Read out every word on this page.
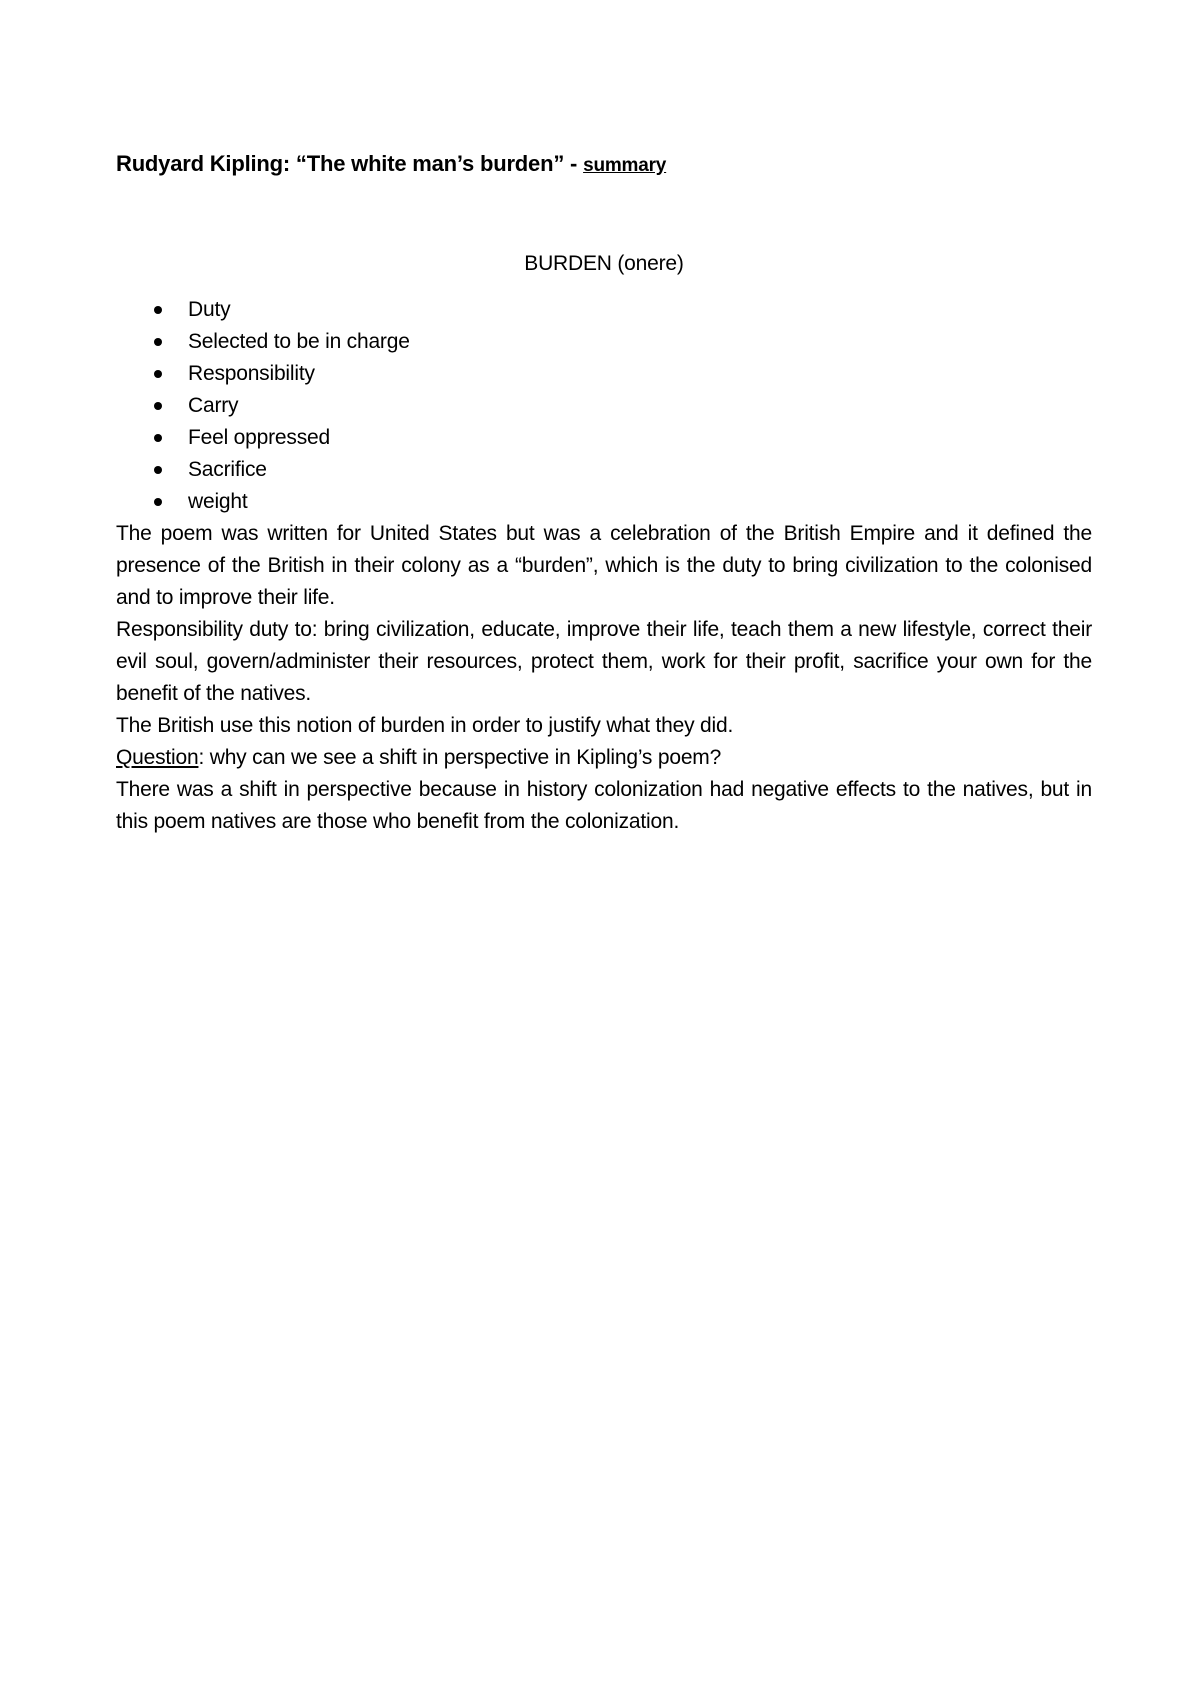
Rudyard Kipling: “The white man’s burden” - summary
BURDEN (onere)
Duty
Selected to be in charge
Responsibility
Carry
Feel oppressed
Sacrifice
weight

The poem was written for United States but was a celebration of the British Empire and it defined the presence of the British in their colony as a “burden”, which is the duty to bring civilization to the colonised and to improve their life.

Responsibility duty to: bring civilization, educate, improve their life, teach them a new lifestyle, correct their evil soul, govern/administer their resources, protect them, work for their profit, sacrifice your own for the benefit of the natives.

The British use this notion of burden in order to justify what they did.

Question: why can we see a shift in perspective in Kipling’s poem?

There was a shift in perspective because in history colonization had negative effects to the natives, but in this poem natives are those who benefit from the colonization.
